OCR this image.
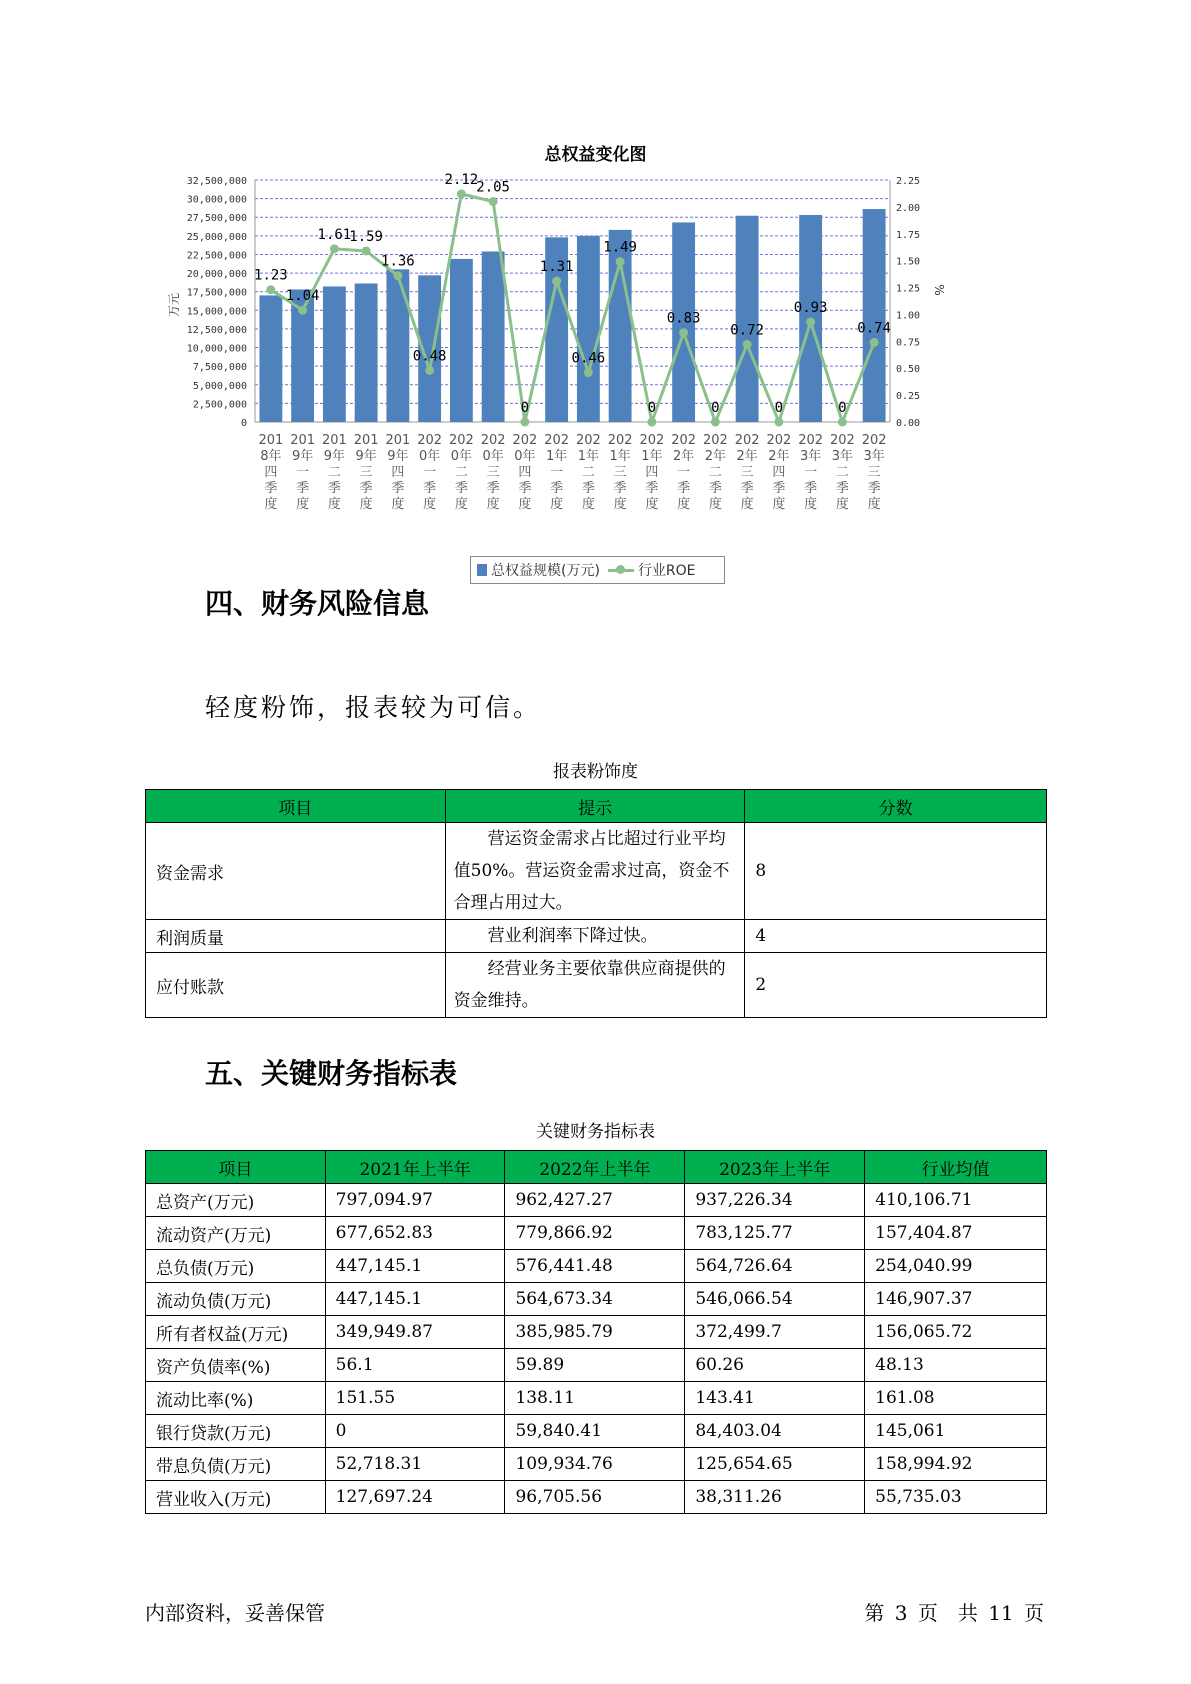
总权益变化图
0
2,500,000
5,000,000
7,500,000
10,000,000
12,500,000
15,000,000
17,500,000
20,000,000
22,500,000
25,000,000
27,500,000
30,000,000
32,500,000
0.00
0.25
0.50
0.75
1.00
1.25
1.50
1.75
2.00
2.25
万元
%
201
8年
四
季
度
201
9年
一
季
度
201
9年
二
季
度
201
9年
三
季
度
201
9年
四
季
度
202
0年
一
季
度
202
0年
二
季
度
202
0年
三
季
度
202
0年
四
季
度
202
1年
一
季
度
202
1年
二
季
度
202
1年
三
季
度
202
1年
四
季
度
202
2年
一
季
度
202
2年
二
季
度
202
2年
三
季
度
202
2年
四
季
度
202
3年
一
季
度
202
3年
二
季
度
202
3年
三
季
度
1.23
1.04
1.61
1.59
1.36
0.48
2.12
2.05
0
1.31
0.46
1.49
0
0.83
0
0.72
0
0.93
0
0.74
总权益规模(万元)	行业ROE
四、财务风险信息
轻度粉饰，报表较为可信。
报表粉饰度
项目	提示	分数
资金需求	营运资金需求占比超过行业平均值50%。营运资金需求过高，资金不合理占用过大。	8
利润质量	营业利润率下降过快。	4
应付账款	经营业务主要依靠供应商提供的资金维持。	2
五、关键财务指标表
关键财务指标表
项目	2021年上半年	2022年上半年	2023年上半年	行业均值
总资产(万元)	797,094.97	962,427.27	937,226.34	410,106.71
流动资产(万元)	677,652.83	779,866.92	783,125.77	157,404.87
总负债(万元)	447,145.1	576,441.48	564,726.64	254,040.99
流动负债(万元)	447,145.1	564,673.34	546,066.54	146,907.37
所有者权益(万元)	349,949.87	385,985.79	372,499.7	156,065.72
资产负债率(%)	56.1	59.89	60.26	48.13
流动比率(%)	151.55	138.11	143.41	161.08
银行贷款(万元)	0	59,840.41	84,403.04	145,061
带息负债(万元)	52,718.31	109,934.76	125,654.65	158,994.92
营业收入(万元)	127,697.24	96,705.56	38,311.26	55,735.03
内部资料，妥善保管	第 3 页　共 11 页
